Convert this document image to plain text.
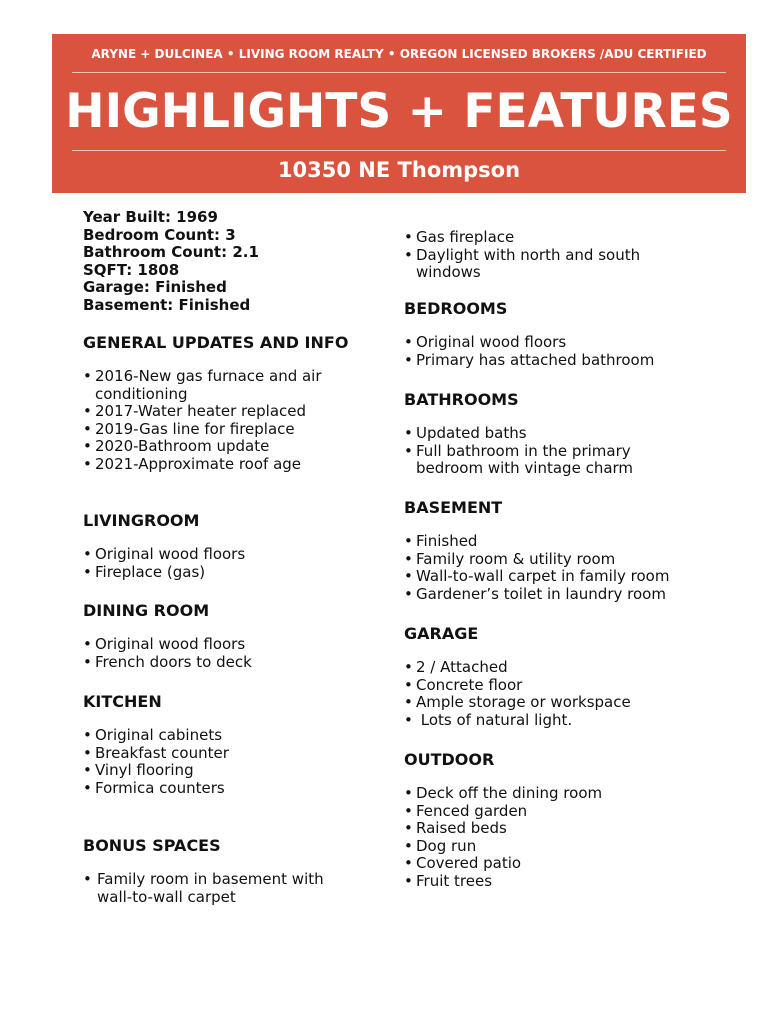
ARYNE + DULCINEA • LIVING ROOM REALTY • OREGON LICENSED BROKERS /ADU CERTIFIED
HIGHLIGHTS + FEATURES
10350 NE Thompson
Year Built: 1969
Bedroom Count: 3
Bathroom Count: 2.1
SQFT: 1808
Garage: Finished
Basement: Finished
GENERAL UPDATES AND INFO
• 2016-New gas furnace and air conditioning
• 2017-Water heater replaced
• 2019-Gas line for fireplace
• 2020-Bathroom update
• 2021-Approximate roof age
LIVINGROOM
• Original wood floors
• Fireplace (gas)
DINING ROOM
• Original wood floors
• French doors to deck
KITCHEN
• Original cabinets
• Breakfast counter
• Vinyl flooring
• Formica counters
BONUS SPACES
• Family room in basement with wall-to-wall carpet
• Gas fireplace
• Daylight with north and south windows
BEDROOMS
• Original wood floors
• Primary has attached bathroom
BATHROOMS
• Updated baths
• Full bathroom in the primary bedroom with vintage charm
BASEMENT
• Finished
• Family room & utility room
• Wall-to-wall carpet in family room
• Gardener’s toilet in laundry room
GARAGE
• 2 / Attached
• Concrete floor
• Ample storage or workspace
•  Lots of natural light.
OUTDOOR
• Deck off the dining room
• Fenced garden
• Raised beds
• Dog run
• Covered patio
• Fruit trees
